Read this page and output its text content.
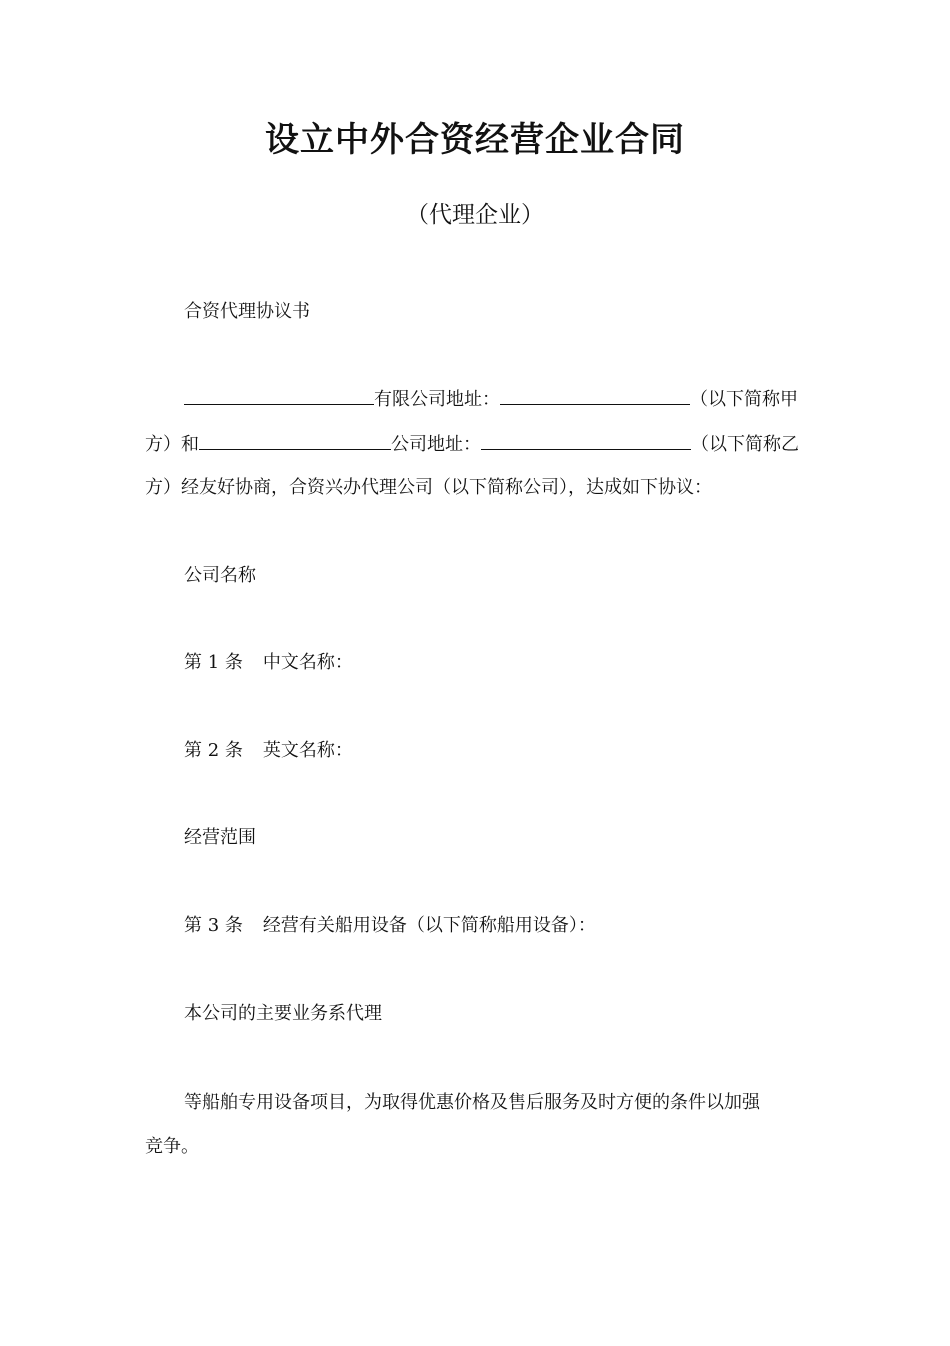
设立中外合资经营企业合同
（代理企业）
合资代理协议书
有限公司地址：	（以下简称甲
方）和	公司地址：	（以下简称乙
方）经友好协商，合资兴办代理公司（以下简称公司），达成如下协议：
公司名称
第 1 条 中文名称：
第 2 条 英文名称：
经营范围
第 3 条 经营有关船用设备（以下简称船用设备）：
本公司的主要业务系代理
等船舶专用设备项目，为取得优惠价格及售后服务及时方便的条件以加强
竞争。
